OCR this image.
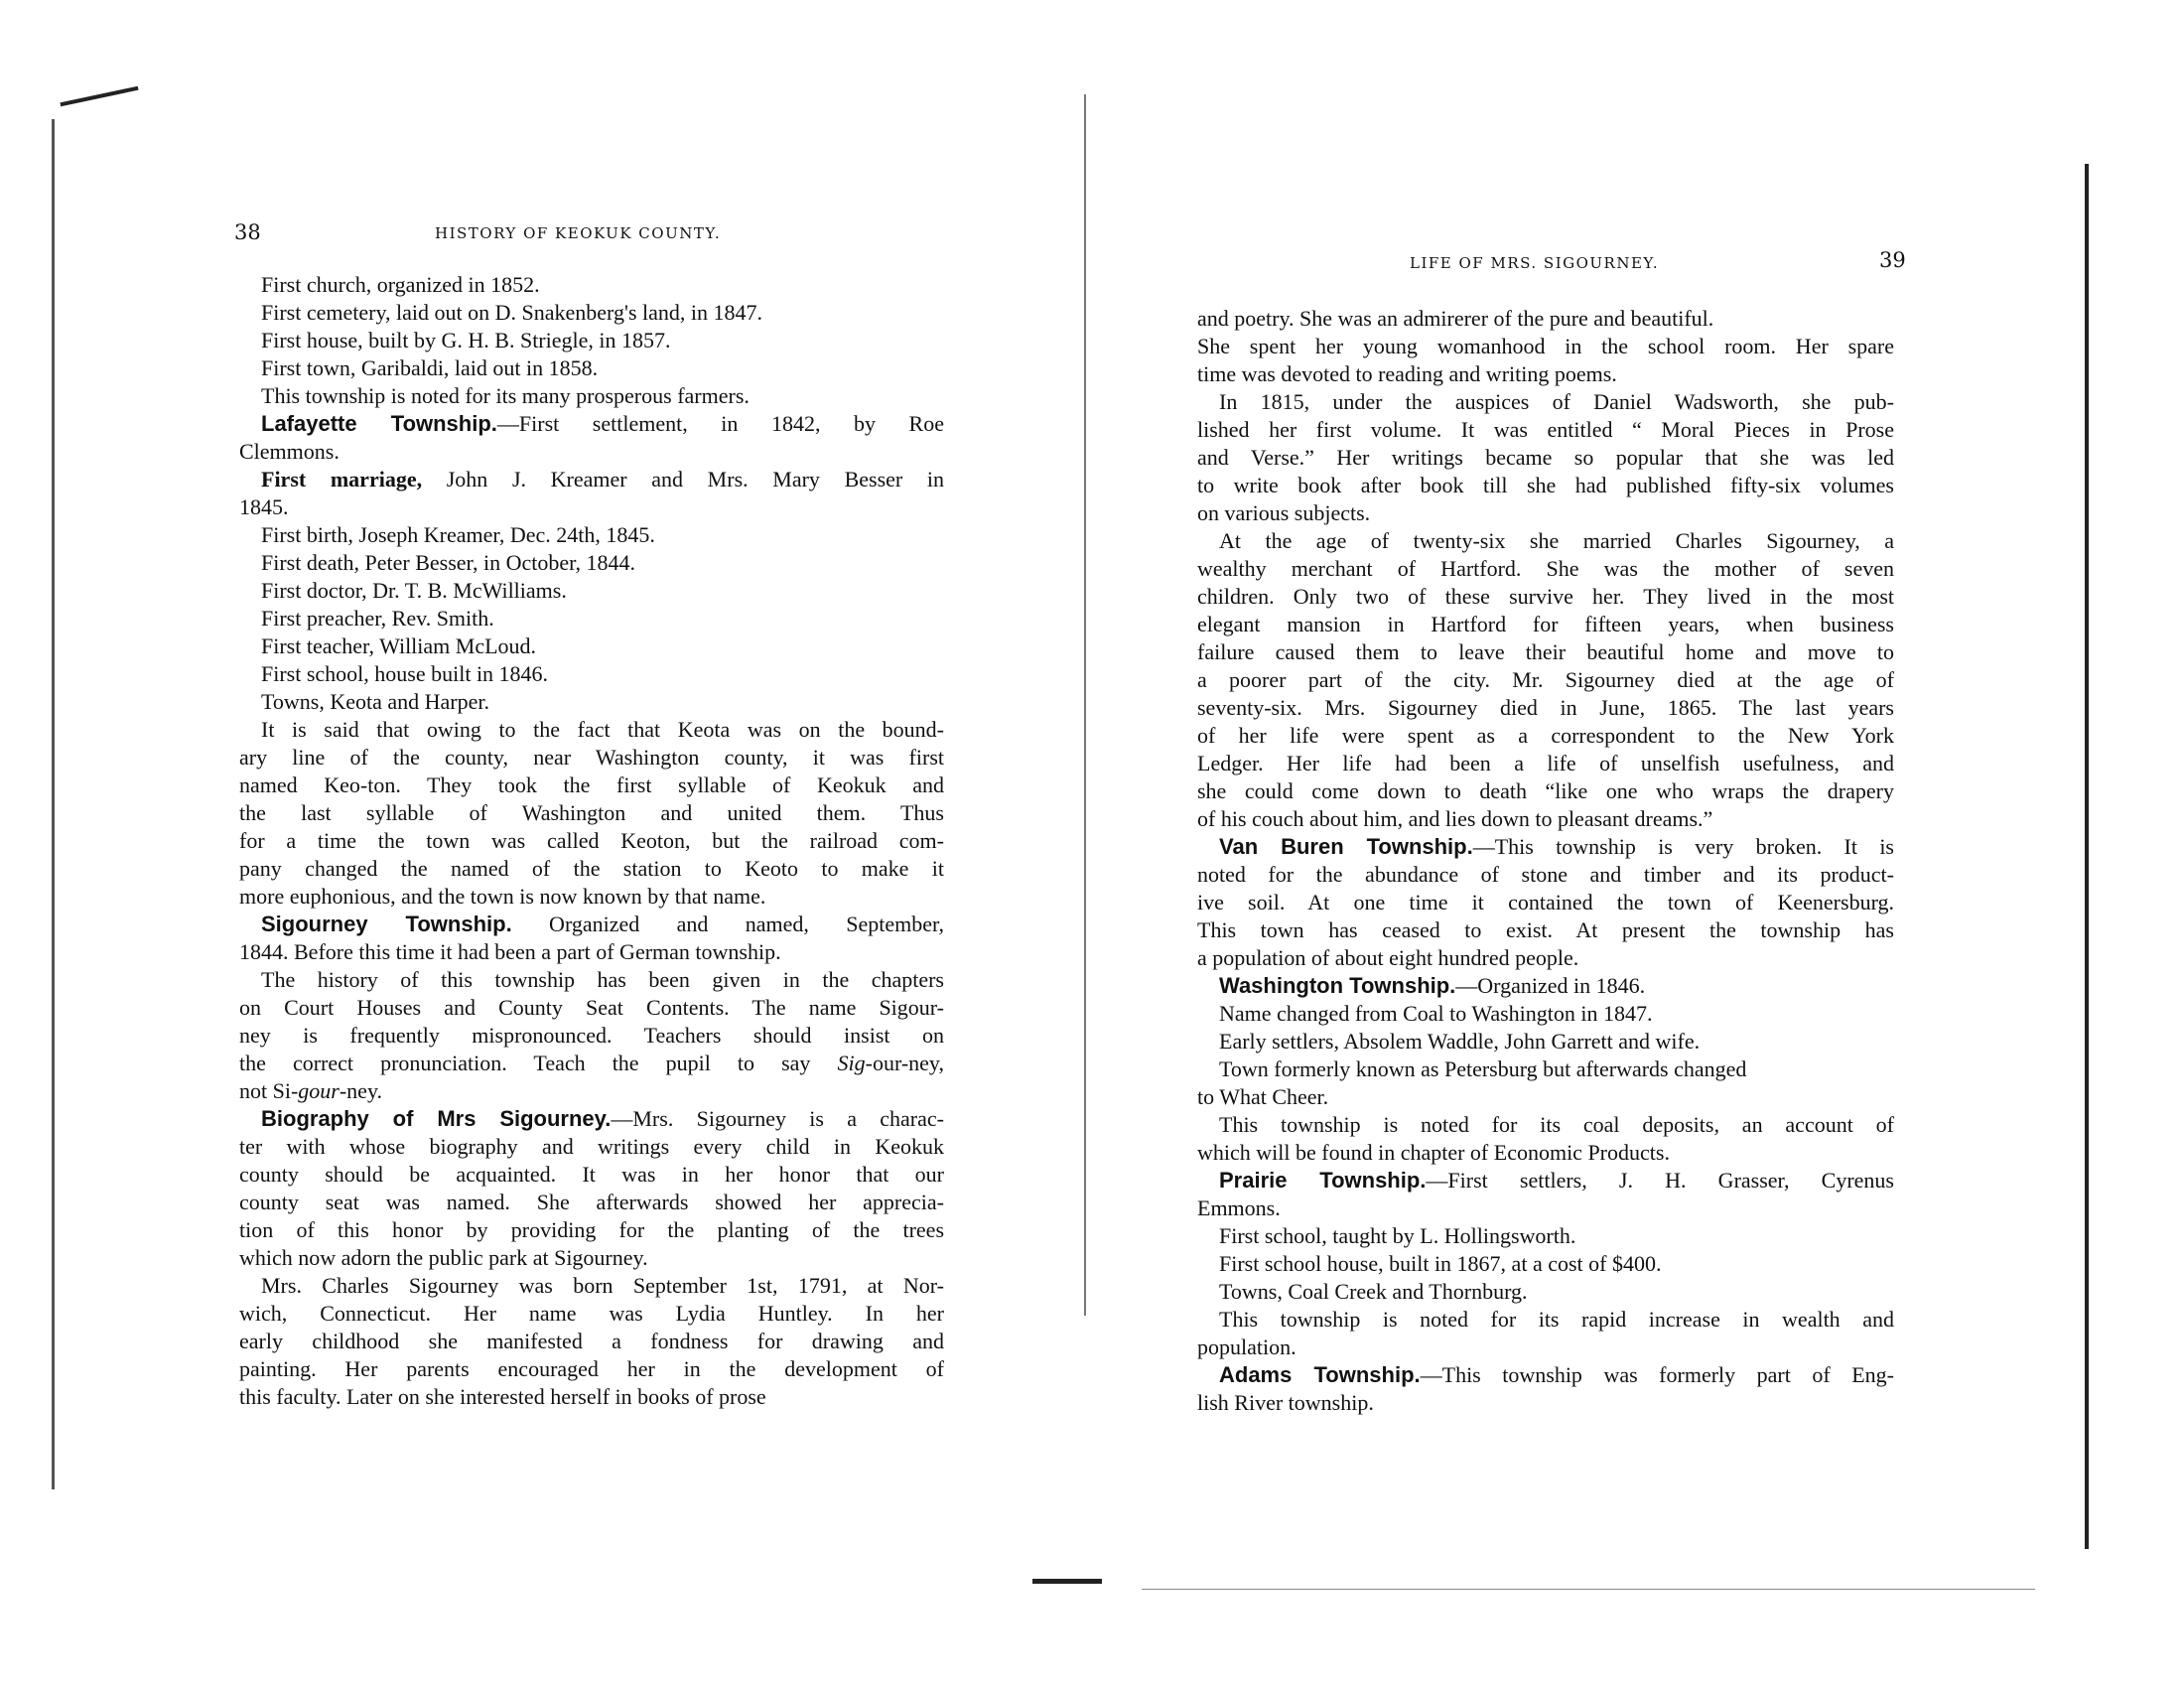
38	HISTORY OF KEOKUK COUNTY.
First church, organized in 1852.
First cemetery, laid out on D. Snakenberg's land, in 1847.
First house, built by G. H. B. Striegle, in 1857.
First town, Garibaldi, laid out in 1858.
This township is noted for its many prosperous farmers.
Lafayette Township.—First settlement, in 1842, by Roe
Clemmons.
First marriage, John J. Kreamer and Mrs. Mary Besser in
1845.
First birth, Joseph Kreamer, Dec. 24th, 1845.
First death, Peter Besser, in October, 1844.
First doctor, Dr. T. B. McWilliams.
First preacher, Rev. Smith.
First teacher, William McLoud.
First school, house built in 1846.
Towns, Keota and Harper.
It is said that owing to the fact that Keota was on the bound-
ary line of the county, near Washington county, it was first
named Keo-ton. They took the first syllable of Keokuk and
the last syllable of Washington and united them. Thus
for a time the town was called Keoton, but the railroad com-
pany changed the named of the station to Keoto to make it
more euphonious, and the town is now known by that name.
Sigourney Township. Organized and named, September,
1844. Before this time it had been a part of German township.
The history of this township has been given in the chapters
on Court Houses and County Seat Contents. The name Sigour-
ney is frequently mispronounced. Teachers should insist on
the correct pronunciation. Teach the pupil to say Sig-our-ney,
not Si-gour-ney.
Biography of Mrs Sigourney.—Mrs. Sigourney is a charac-
ter with whose biography and writings every child in Keokuk
county should be acquainted. It was in her honor that our
county seat was named. She afterwards showed her apprecia-
tion of this honor by providing for the planting of the trees
which now adorn the public park at Sigourney.
Mrs. Charles Sigourney was born September 1st, 1791, at Nor-
wich, Connecticut. Her name was Lydia Huntley. In her
early childhood she manifested a fondness for drawing and
painting. Her parents encouraged her in the development of
this faculty. Later on she interested herself in books of prose
LIFE OF MRS. SIGOURNEY.	39
and poetry. She was an admirerer of the pure and beautiful.
She spent her young womanhood in the school room. Her spare
time was devoted to reading and writing poems.
In 1815, under the auspices of Daniel Wadsworth, she pub-
lished her first volume. It was entitled “ Moral Pieces in Prose
and Verse.” Her writings became so popular that she was led
to write book after book till she had published fifty-six volumes
on various subjects.
At the age of twenty-six she married Charles Sigourney, a
wealthy merchant of Hartford. She was the mother of seven
children. Only two of these survive her. They lived in the most
elegant mansion in Hartford for fifteen years, when business
failure caused them to leave their beautiful home and move to
a poorer part of the city. Mr. Sigourney died at the age of
seventy-six. Mrs. Sigourney died in June, 1865. The last years
of her life were spent as a correspondent to the New York
Ledger. Her life had been a life of unselfish usefulness, and
she could come down to death “like one who wraps the drapery
of his couch about him, and lies down to pleasant dreams.”
Van Buren Township.—This township is very broken. It is
noted for the abundance of stone and timber and its product-
ive soil. At one time it contained the town of Keenersburg.
This town has ceased to exist. At present the township has
a population of about eight hundred people.
Washington Township.—Organized in 1846.
Name changed from Coal to Washington in 1847.
Early settlers, Absolem Waddle, John Garrett and wife.
Town formerly known as Petersburg but afterwards changed
to What Cheer.
This township is noted for its coal deposits, an account of
which will be found in chapter of Economic Products.
Prairie Township.—First settlers, J. H. Grasser, Cyrenus
Emmons.
First school, taught by L. Hollingsworth.
First school house, built in 1867, at a cost of $400.
Towns, Coal Creek and Thornburg.
This township is noted for its rapid increase in wealth and
population.
Adams Township.—This township was formerly part of Eng-
lish River township.
